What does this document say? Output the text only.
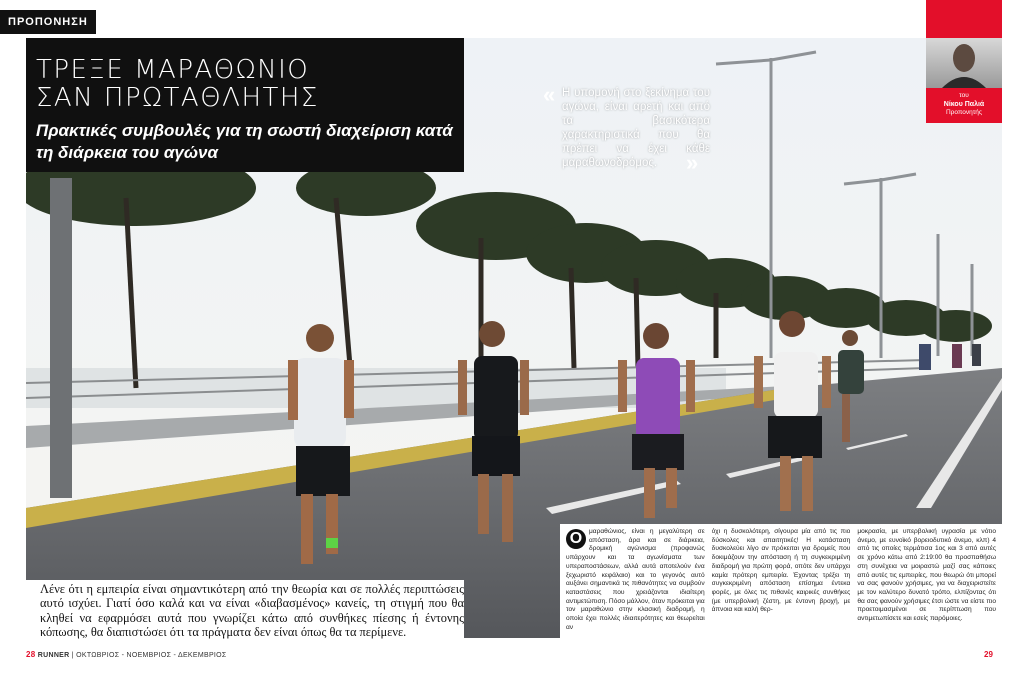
ΠΡΟΠΟΝΗΣΗ
ΤΡΕΞΕ ΜΑΡΑΘΩΝΙΟ
ΣΑΝ ΠΡΩΤΑΘΛΗΤΗΣ
Πρακτικές συμβουλές για τη σωστή διαχείριση κατά τη διάρκεια του αγώνα
« Η υπομονή στο ξεκίνημα του αγώνα, είναι αρετή και από τα βασικότερα χαρακτηριστικά που θα πρέπει να έχει κάθε μαραθωνοδρόμος.	»
του
Νίκου Παλιά
Προπονητής
Λένε ότι η εμπειρία είναι σημαντικότερη από την θεωρία και σε πολλές περιπτώσεις αυτό ισχύει. Γιατί όσο καλά και να είναι «διαβασμένος» κανείς, τη στιγμή που θα κληθεί να εφαρμόσει αυτά που γνωρίζει κάτω από συνθήκες πίεσης ή έντονης κόπωσης, θα διαπιστώσει ότι τα πράγματα δεν είναι όπως θα τα περίμενε.
Ο	μαραθώνιος, είναι η μεγαλύτερη σε απόσταση, άρα και σε διάρκεια, δρομική αγώνισμα (προφανώς υπάρχουν και τα αγωνίσματα των υπεραποστάσεων, αλλά αυτά αποτελούν ένα ξεχωριστό κεφάλαιο) και το γεγονός αυτό αυξάνει σημαντικά τις πιθανότητες να συμβούν καταστάσεις που χρειάζονται ιδιαίτερη αντιμετώπιση. Πόσο μάλλον, όταν πρόκειται για τον μαραθώνιο στην κλασική διαδρομή, η οποία έχει πολλές ιδιαιτερότητες και θεωρείται αν
όχι η δυσκολότερη, σίγουρα μία από τις πιο δύσκολες και απαιτητικές! Η κατάσταση δυσκολεύει λίγο αν πρόκειται για δρομείς που δοκιμάζουν την απόσταση ή τη συγκεκριμένη διαδρομή για πρώτη φορά, οπότε δεν υπάρχει καμία πρότερη εμπειρία. Έχοντας τρέξει τη συγκεκριμένη απόσταση επίσημα έντεκα φορές, με όλες τις πιθανές καιρικές συνθήκες (με υπερβολική ζέστη, με έντονη βροχή, με άπνοια και καλή θερ-
μοκρασία, με υπερβολική υγρασία με νότιο άνεμο, με ευνοϊκό βορειοδυτικό άνεμο, κλπ) 4 από τις οποίες τερμάτισα 1ος και 3 από αυτές σε χρόνο κάτω από 2:19:00 θα προσπαθήσω στη συνέχεια να μοιραστώ μαζί σας κάποιες από αυτές τις εμπειρίες, που θεωρώ ότι μπορεί να σας φανούν χρήσιμες, για να διαχειριστείτε με τον καλύτερο δυνατό τρόπο, ελπίζοντας ότι θα σας φανούν χρήσιμες έτσι ώστε να είστε πιο προετοιμασμένοι σε περίπτωση που αντιμετωπίσετε και εσείς παρόμοιες.
28 RUNNER | ΟΚΤΩΒΡΙΟΣ - ΝΟΕΜΒΡΙΟΣ - ΔΕΚΕΜΒΡΙΟΣ	29
